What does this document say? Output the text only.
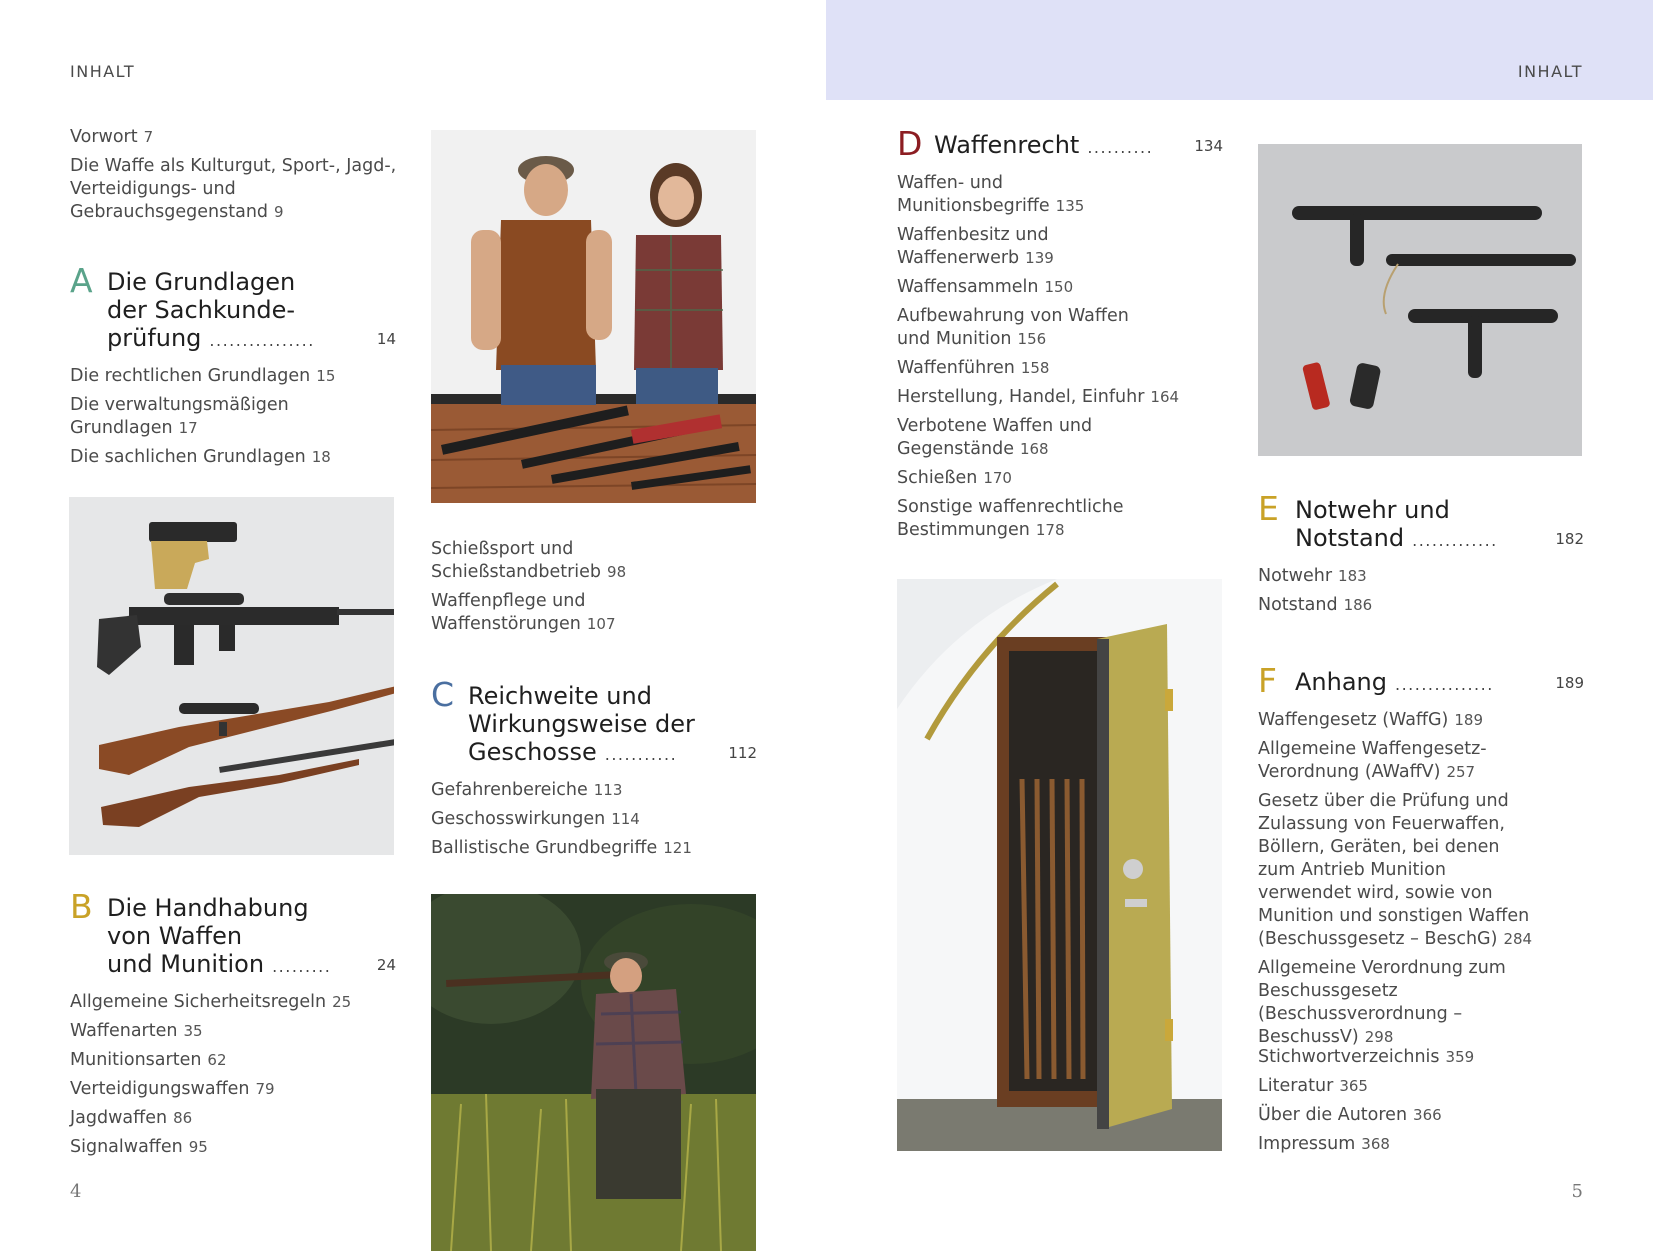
INHALT
Vorwort 7
Die Waffe als Kulturgut, Sport-, Jagd-, Verteidigungs- und Gebrauchsgegenstand 9
A Die Grundlagen
der Sachkunde-
prüfung ................	14
Die rechtlichen Grundlagen 15
Die verwaltungsmäßigen Grundlagen 17
Die sachlichen Grundlagen 18
B Die Handhabung
von Waffen
und Munition .........	24
Allgemeine Sicherheitsregeln 25
Waffenarten 35
Munitionsarten 62
Verteidigungswaffen 79
Jagdwaffen 86
Signalwaffen 95
Schießsport und Schießstandbetrieb 98
Waffenpflege und Waffenstörungen 107
C Reichweite und
Wirkungsweise der
Geschosse ...........	112
Gefahrenbereiche 113
Geschosswirkungen 114
Ballistische Grundbegriffe 121
4
INHALT
D Waffenrecht ..........	134
Waffen- und Munitionsbegriffe 135
Waffenbesitz und Waffenerwerb 139
Waffensammeln 150
Aufbewahrung von Waffen und Munition 156
Waffenführen 158
Herstellung, Handel, Einfuhr 164
Verbotene Waffen und Gegenstände 168
Schießen 170
Sonstige waffenrechtliche Bestimmungen 178
E Notwehr und
Notstand .............	182
Notwehr 183
Notstand 186
F Anhang ...............	189
Waffengesetz (WaffG) 189
Allgemeine Waffengesetz-Verordnung (AWaffV) 257
Gesetz über die Prüfung und Zulassung von Feuerwaffen, Böllern, Geräten, bei denen zum Antrieb Munition verwendet wird, sowie von Munition und sonstigen Waffen (Beschussgesetz – BeschG) 284
Allgemeine Verordnung zum Beschussgesetz (Beschussverordnung – BeschussV) 298
Stichwortverzeichnis 359
Literatur 365
Über die Autoren 366
Impressum 368
5
